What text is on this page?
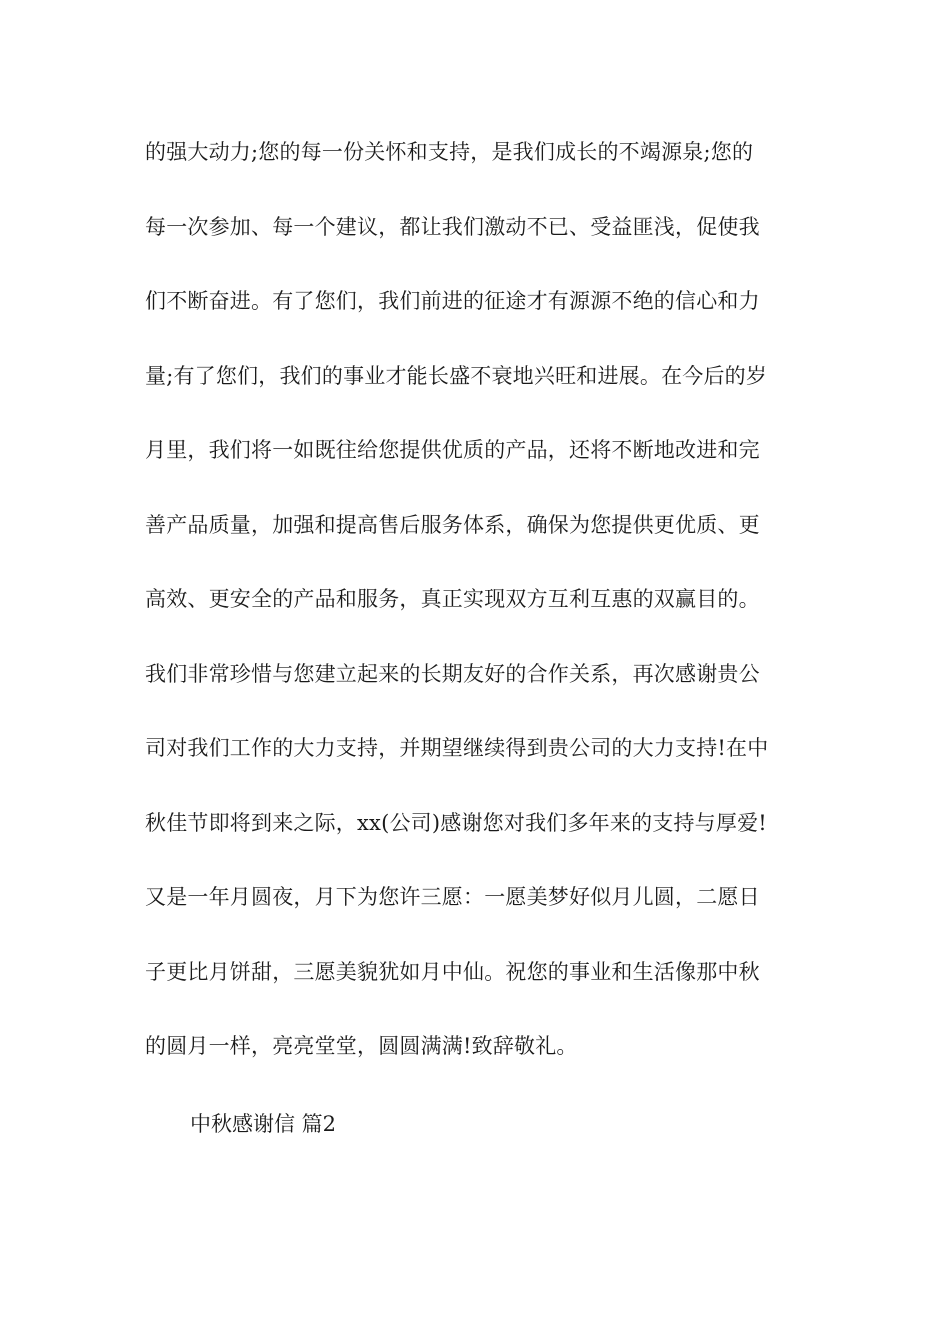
的强大动力;您的每一份关怀和支持，是我们成长的不竭源泉;您的
每一次参加、每一个建议，都让我们激动不已、受益匪浅，促使我
们不断奋进。有了您们，我们前进的征途才有源源不绝的信心和力
量;有了您们，我们的事业才能长盛不衰地兴旺和进展。在今后的岁
月里，我们将一如既往给您提供优质的产品，还将不断地改进和完
善产品质量，加强和提高售后服务体系，确保为您提供更优质、更
高效、更安全的产品和服务，真正实现双方互利互惠的双赢目的。
我们非常珍惜与您建立起来的长期友好的合作关系，再次感谢贵公
司对我们工作的大力支持，并期望继续得到贵公司的大力支持!在中
秋佳节即将到来之际，xx(公司)感谢您对我们多年来的支持与厚爱!
又是一年月圆夜，月下为您许三愿：一愿美梦好似月儿圆，二愿日
子更比月饼甜，三愿美貌犹如月中仙。祝您的事业和生活像那中秋
的圆月一样，亮亮堂堂，圆圆满满!致辞敬礼。
中秋感谢信 篇2
